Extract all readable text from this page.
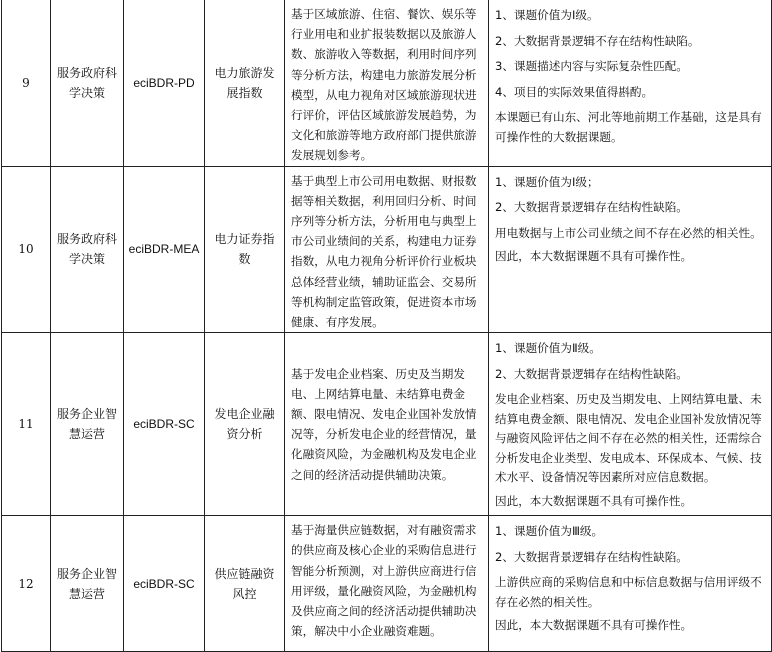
9	服务政府科学决策	eciBDR-PD	电力旅游发展指数	基于区域旅游、住宿、餐饮、娱乐等行业用电和业扩报装数据以及旅游人数、旅游收入等数据，利用时间序列等分析方法，构建电力旅游发展分析模型，从电力视角对区域旅游现状进行评价，评估区域旅游发展趋势，为文化和旅游等地方政府部门提供旅游发展规划参考。	1、课题价值为Ⅰ级。

2、大数据背景逻辑不存在结构性缺陷。

3、课题描述内容与实际复杂性匹配。

4、项目的实际效果值得斟酌。

本课题已有山东、河北等地前期工作基础，这是具有可操作性的大数据课题。

10	服务政府科学决策	eciBDR-MEA	电力证券指数	基于典型上市公司用电数据、财报数据等相关数据，利用回归分析、时间序列等分析方法，分析用电与典型上市公司业绩间的关系，构建电力证券指数，从电力视角分析评价行业板块总体经营业绩，辅助证监会、交易所等机构制定监管政策，促进资本市场健康、有序发展。	1、课题价值为Ⅰ级；

2、大数据背景逻辑存在结构性缺陷。

用电数据与上市公司业绩之间不存在必然的相关性。

因此，本大数据课题不具有可操作性。

11	服务企业智慧运营	eciBDR-SC	发电企业融资分析	基于发电企业档案、历史及当期发电、上网结算电量、未结算电费金额、限电情况、发电企业国补发放情况等，分析发电企业的经营情况，量化融资风险，为金融机构及发电企业之间的经济活动提供辅助决策。	1、课题价值为Ⅱ级。

2、大数据背景逻辑存在结构性缺陷。

发电企业档案、历史及当期发电、上网结算电量、未结算电费金额、限电情况、发电企业国补发放情况等与融资风险评估之间不存在必然的相关性，还需综合分析发电企业类型、发电成本、环保成本、气候、技术水平、设备情况等因素所对应信息数据。

因此，本大数据课题不具有可操作性。

12	服务企业智慧运营	eciBDR-SC	供应链融资风控	基于海量供应链数据，对有融资需求的供应商及核心企业的采购信息进行智能分析预测，对上游供应商进行信用评级，量化融资风险，为金融机构及供应商之间的经济活动提供辅助决策，解决中小企业融资难题。	1、课题价值为Ⅲ级。

2、大数据背景逻辑存在结构性缺陷。

上游供应商的采购信息和中标信息数据与信用评级不存在必然的相关性。

因此，本大数据课题不具有可操作性。
